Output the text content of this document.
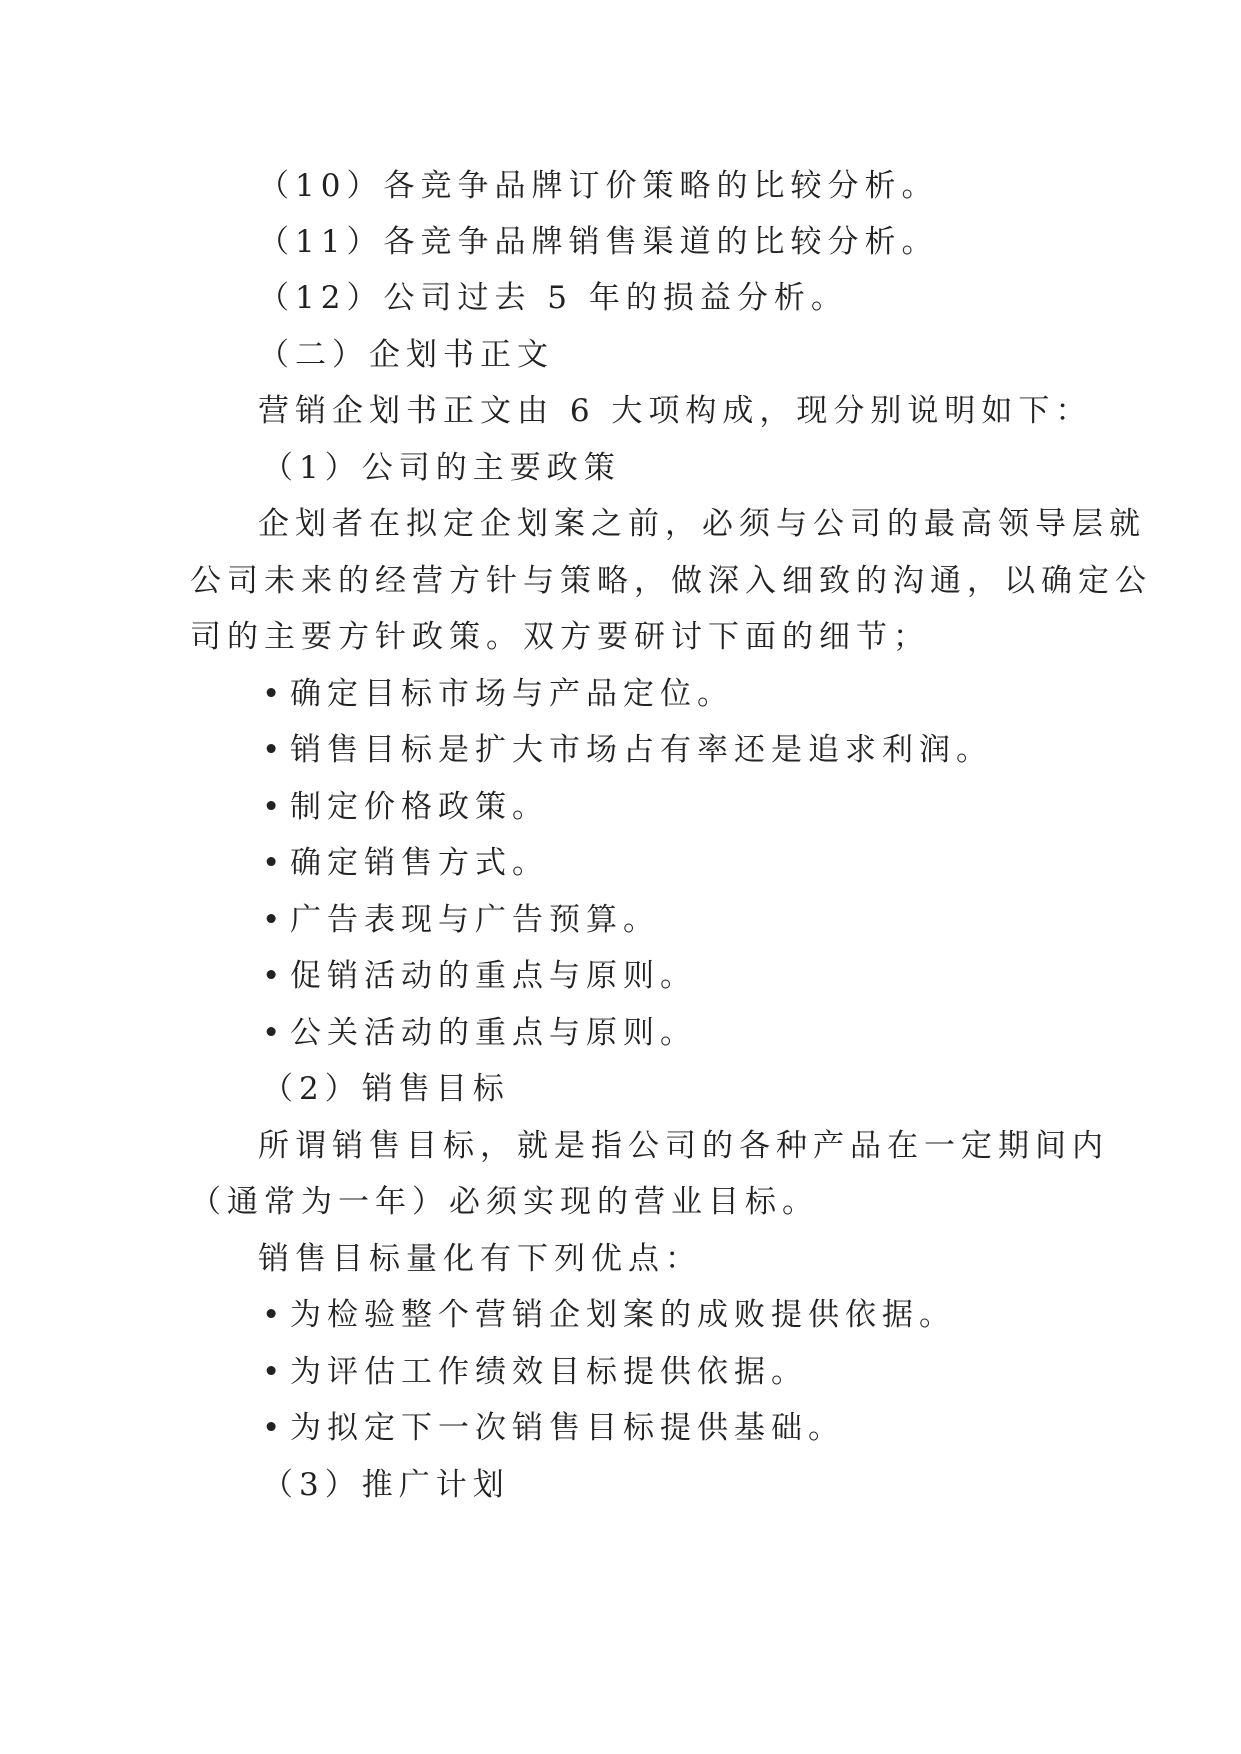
（10）各竞争品牌订价策略的比较分析。
（11）各竞争品牌销售渠道的比较分析。
（12）公司过去 5 年的损益分析。
（二）企划书正文
营销企划书正文由 6 大项构成，现分别说明如下：
（1）公司的主要政策
企划者在拟定企划案之前，必须与公司的最高领导层就
公司未来的经营方针与策略，做深入细致的沟通，以确定公
司的主要方针政策。双方要研讨下面的细节；
• 确定目标市场与产品定位。
• 销售目标是扩大市场占有率还是追求利润。
• 制定价格政策。
• 确定销售方式。
• 广告表现与广告预算。
• 促销活动的重点与原则。
• 公关活动的重点与原则。
（2）销售目标
所谓销售目标，就是指公司的各种产品在一定期间内
（通常为一年）必须实现的营业目标。
销售目标量化有下列优点：
• 为检验整个营销企划案的成败提供依据。
• 为评估工作绩效目标提供依据。
• 为拟定下一次销售目标提供基础。
（3）推广计划
